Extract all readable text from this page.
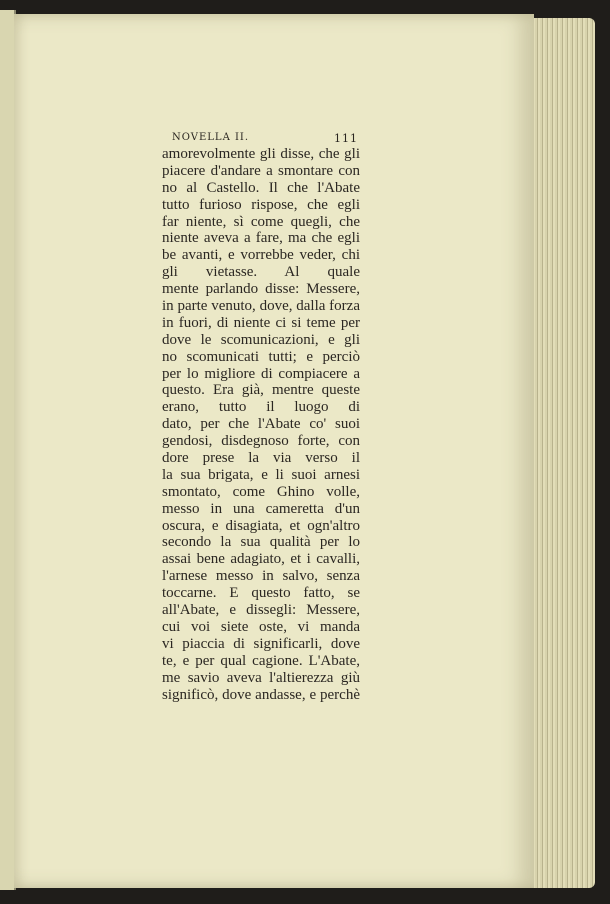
NOVELLA II.	111
amorevolmente gli disse, che gli
piacere d'andare a smontare con
no al Castello. Il che l'Abate
tutto furioso rispose, che egli
far niente, sì come quegli, che
niente aveva a fare, ma che egli
be avanti, e vorrebbe veder, chi
gli vietasse. Al quale
mente parlando disse: Messere,
in parte venuto, dove, dalla forza
in fuori, di niente ci si teme per
dove le scomunicazioni, e gli
no scomunicati tutti; e perciò
per lo migliore di compiacere a
questo. Era già, mentre queste
erano, tutto il luogo di
dato, per che l'Abate co' suoi
gendosi, disdegnoso forte, con
dore prese la via verso il
la sua brigata, e li suoi arnesi
smontato, come Ghino volle,
messo in una cameretta d'un
oscura, e disagiata, et ogn'altro
secondo la sua qualità per lo
assai bene adagiato, et i cavalli,
l'arnese messo in salvo, senza
toccarne. E questo fatto, se
all'Abate, e dissegli: Messere,
cui voi siete oste, vi manda
vi piaccia di significarli, dove
te, e per qual cagione. L'Abate,
me savio aveva l'altierezza giù
significò, dove andasse, e perchè
